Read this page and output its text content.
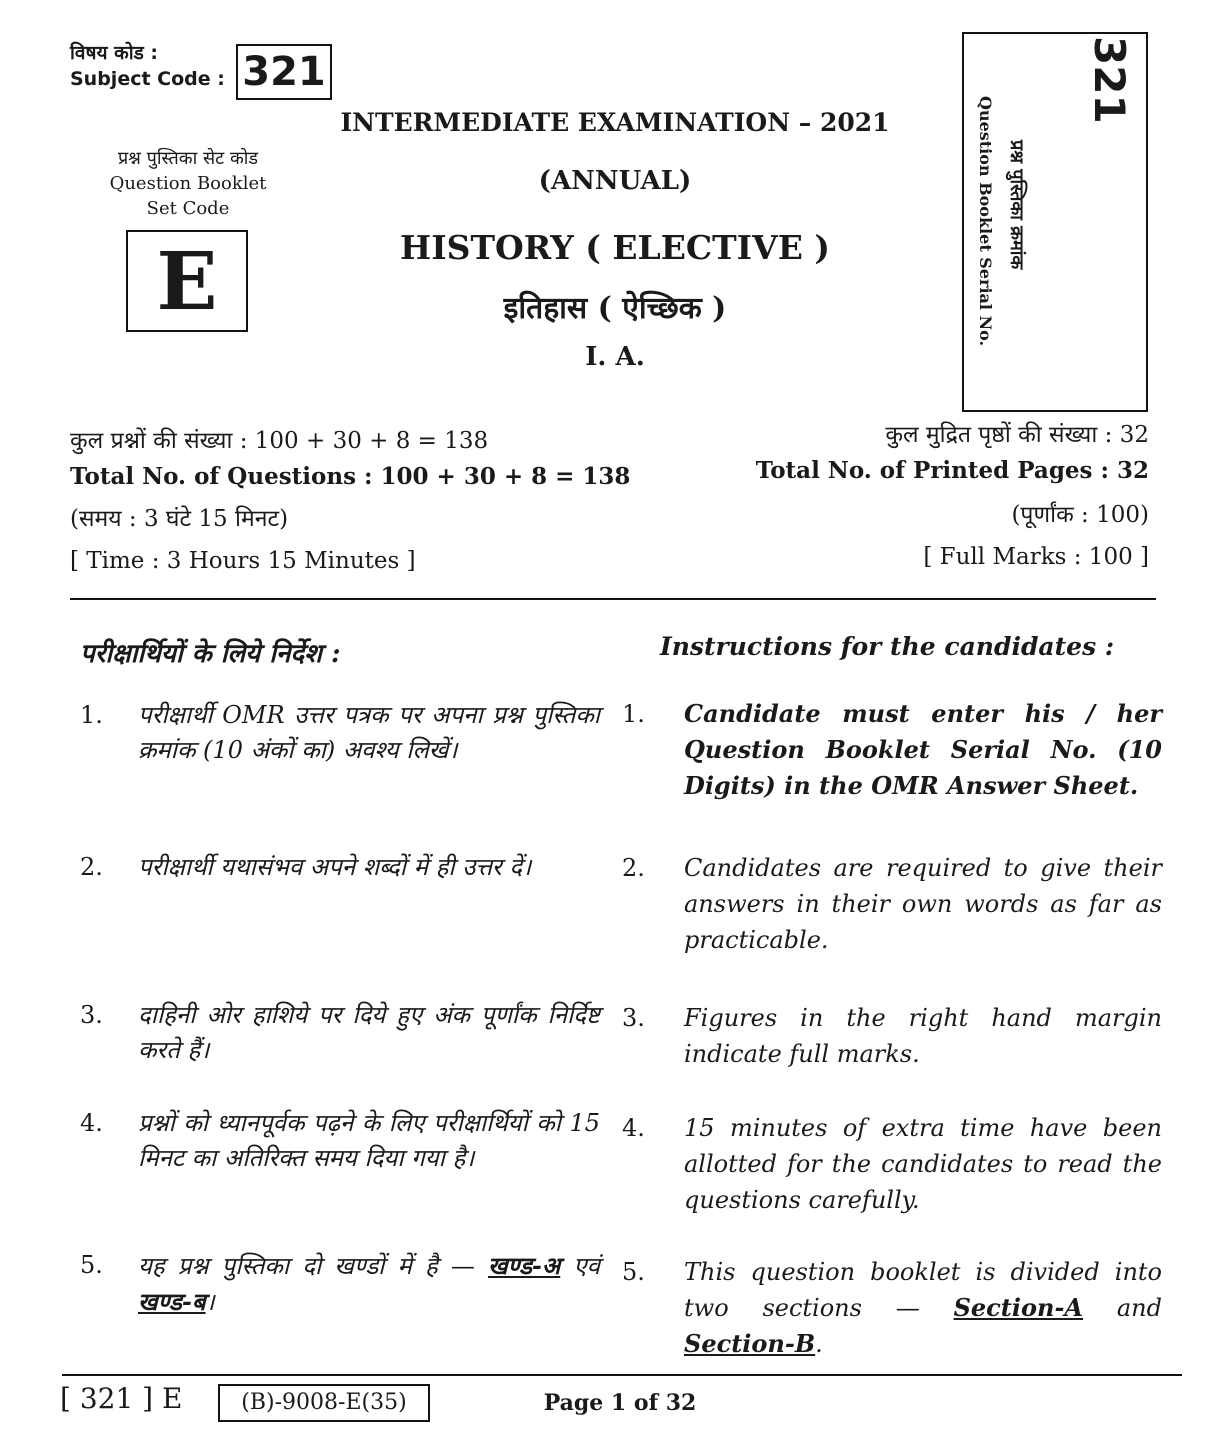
विषय कोड :
Subject Code : 321
प्रश्न पुस्तिका सेट कोड
Question Booklet
Set Code
E
INTERMEDIATE EXAMINATION – 2021
(ANNUAL)
HISTORY ( ELECTIVE )
इतिहास ( ऐच्छिक )
I. A.
321
प्रश्न पुस्तिका क्रमांक
Question Booklet Serial No.
कुल प्रश्नों की संख्या : 100 + 30 + 8 = 138
Total No. of Questions : 100 + 30 + 8 = 138
(समय : 3 घंटे 15 मिनट)
[ Time : 3 Hours 15 Minutes ]
कुल मुद्रित पृष्ठों की संख्या : 32
Total No. of Printed Pages : 32
(पूर्णांक : 100)
[ Full Marks : 100 ]
परीक्षार्थियों के लिये निर्देश :	Instructions for the candidates :
1. परीक्षार्थी OMR उत्तर पत्रक पर अपना प्रश्न पुस्तिका क्रमांक (10 अंकों का) अवश्य लिखें।
1. Candidate must enter his / her Question Booklet Serial No. (10 Digits) in the OMR Answer Sheet.
2. परीक्षार्थी यथासंभव अपने शब्दों में ही उत्तर दें।	2. Candidates are required to give their answers in their own words as far as practicable.
3. दाहिनी ओर हाशिये पर दिये हुए अंक पूर्णांक निर्दिष्ट करते हैं।
3. Figures in the right hand margin indicate full marks.
4. प्रश्नों को ध्यानपूर्वक पढ़ने के लिए परीक्षार्थियों को 15 मिनट का अतिरिक्त समय दिया गया है।
4. 15 minutes of extra time have been allotted for the candidates to read the questions carefully.
5. यह प्रश्न पुस्तिका दो खण्डों में है — खण्ड-अ एवं खण्ड-ब।
5. This question booklet is divided into two sections — Section-A and Section-B.
[ 321 ] E	(B)-9008-E(35)	Page 1 of 32
